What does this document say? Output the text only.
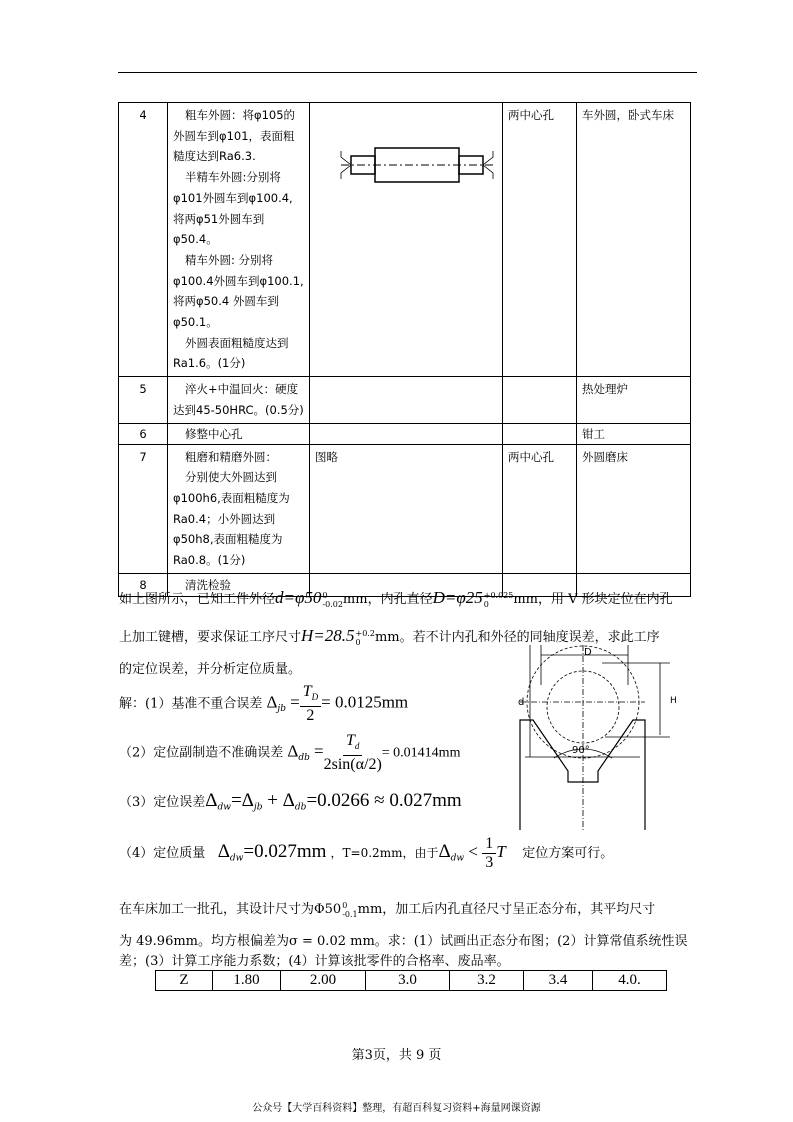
4	粗车外圆：将φ105的外圆车到φ101，表面粗糙度达到Ra6.3.
半精车外圆:分别将φ101外圆车到φ100.4,将两φ51外圆车到φ50.4。
精车外圆: 分别将φ100.4外圆车到φ100.1,将两φ50.4 外圆车到φ50.1。
外圆表面粗糙度达到Ra1.6。(1分)		两中心孔	车外圆，卧式车床
5	淬火+中温回火：硬度达到45-50HRC。(0.5分)			热处理炉
6	修整中心孔			钳工
7	粗磨和精磨外圆：
分别使大外圆达到φ100h6,表面粗糙度为Ra0.4；小外圆达到φ50h8,表面粗糙度为Ra0.8。(1分)	图略	两中心孔	外圆磨床
8	清洗检验			

如上图所示，已知工件外径d=φ50 0
-0.02 mm，内孔直径D=φ25 +0.025
0	mm，用 V 形块定位在内孔
上加工键槽，要求保证工序尺寸H=28.5 +0.2
0	mm。若不计内孔和外径的同轴度误差，求此工序
的定位误差，并分析定位质量。
D
d	H
90°
解：(1）基准不重合误差 $\Delta_{jb} = \frac{T_D}{2} = 0.0125mm$
（2）定位副制造不准确误差 $\Delta_{db} = \frac{T_d}{2\sin(\alpha/2)} = 0.01414mm$
（3）定位误差$\Delta_{dw}=\Delta_{jb} + \Delta_{db}=0.0266 \approx 0.027mm$
（4）定位质量 $\Delta_{dw}=0.027mm$ ，T=0.2mm，由于$\Delta_{dw} < \frac{1}{3}$ T 定位方案可行。
在车床加工一批孔，其设计尺寸为Φ50 0
-0.1 mm，加工后内孔直径尺寸呈正态分布，其平均尺寸
为 49.96mm。均方根偏差为σ = 0.02 mm。求：(1）试画出正态分布图；(2）计算常值系统性误
差；(3）计算工序能力系数；(4）计算该批零件的合格率、废品率。
Z	1.80	2.00	3.0	3.2	3.4	4.0.
第3页，共 9 页
公众号【大学百科资料】整理，有超百科复习资料+海量网课资源
